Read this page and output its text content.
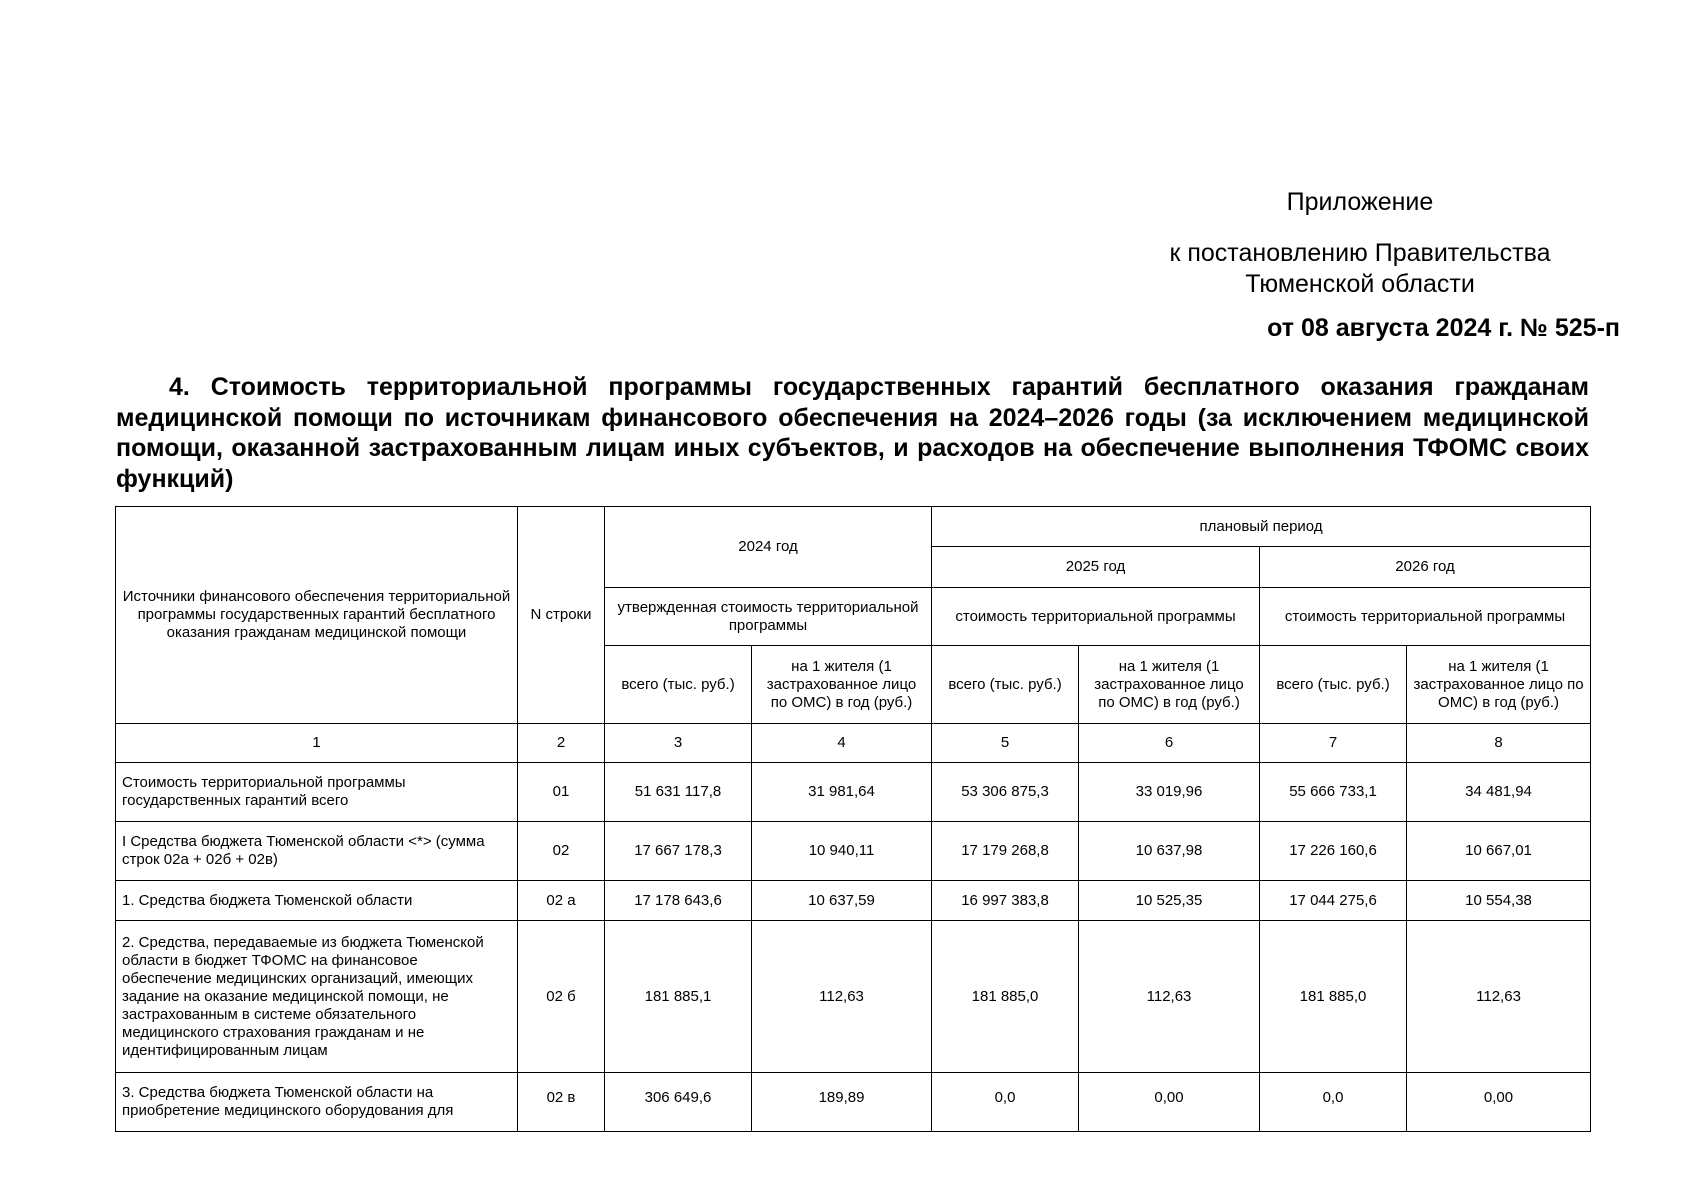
Приложение
к постановлению Правительства
Тюменской области
от 08 августа 2024 г. № 525-п

4. Стоимость территориальной программы государственных гарантий бесплатного оказания гражданам медицинской помощи по источникам финансового обеспечения на 2024–2026 годы (за исключением медицинской помощи, оказанной застрахованным лицам иных субъектов, и расходов на обеспечение выполнения ТФОМС своих функций)

Источники финансового обеспечения территориальной программы государственных гарантий бесплатного оказания гражданам медицинской помощи	N строки	2024 год		плановый период			
				2025 год		2026 год	
		утвержденная стоимость территориальной программы		стоимость территориальной программы		стоимость территориальной программы	
		всего (тыс. руб.)	на 1 жителя (1 застрахованное лицо по ОМС) в год (руб.)	всего (тыс. руб.)	на 1 жителя (1 застрахованное лицо по ОМС) в год (руб.)	всего (тыс. руб.)	на 1 жителя (1 застрахованное лицо по ОМС) в год (руб.)
1	2	3	4	5	6	7	8
Стоимость территориальной программы государственных гарантий всего	01	51 631 117,8	31 981,64	53 306 875,3	33 019,96	55 666 733,1	34 481,94
I Средства бюджета Тюменской области <*> (сумма строк 02а + 02б + 02в)	02	17 667 178,3	10 940,11	17 179 268,8	10 637,98	17 226 160,6	10 667,01
1. Средства бюджета Тюменской области	02 а	17 178 643,6	10 637,59	16 997 383,8	10 525,35	17 044 275,6	10 554,38
2. Средства, передаваемые из бюджета Тюменской области в бюджет ТФОМС на финансовое обеспечение медицинских организаций, имеющих задание на оказание медицинской помощи, не застрахованным в системе обязательного медицинского страхования гражданам и не идентифицированным лицам	02 б	181 885,1	112,63	181 885,0	112,63	181 885,0	112,63
3. Средства бюджета Тюменской области на приобретение медицинского оборудования для	02 в	306 649,6	189,89	0,0	0,00	0,0	0,00
